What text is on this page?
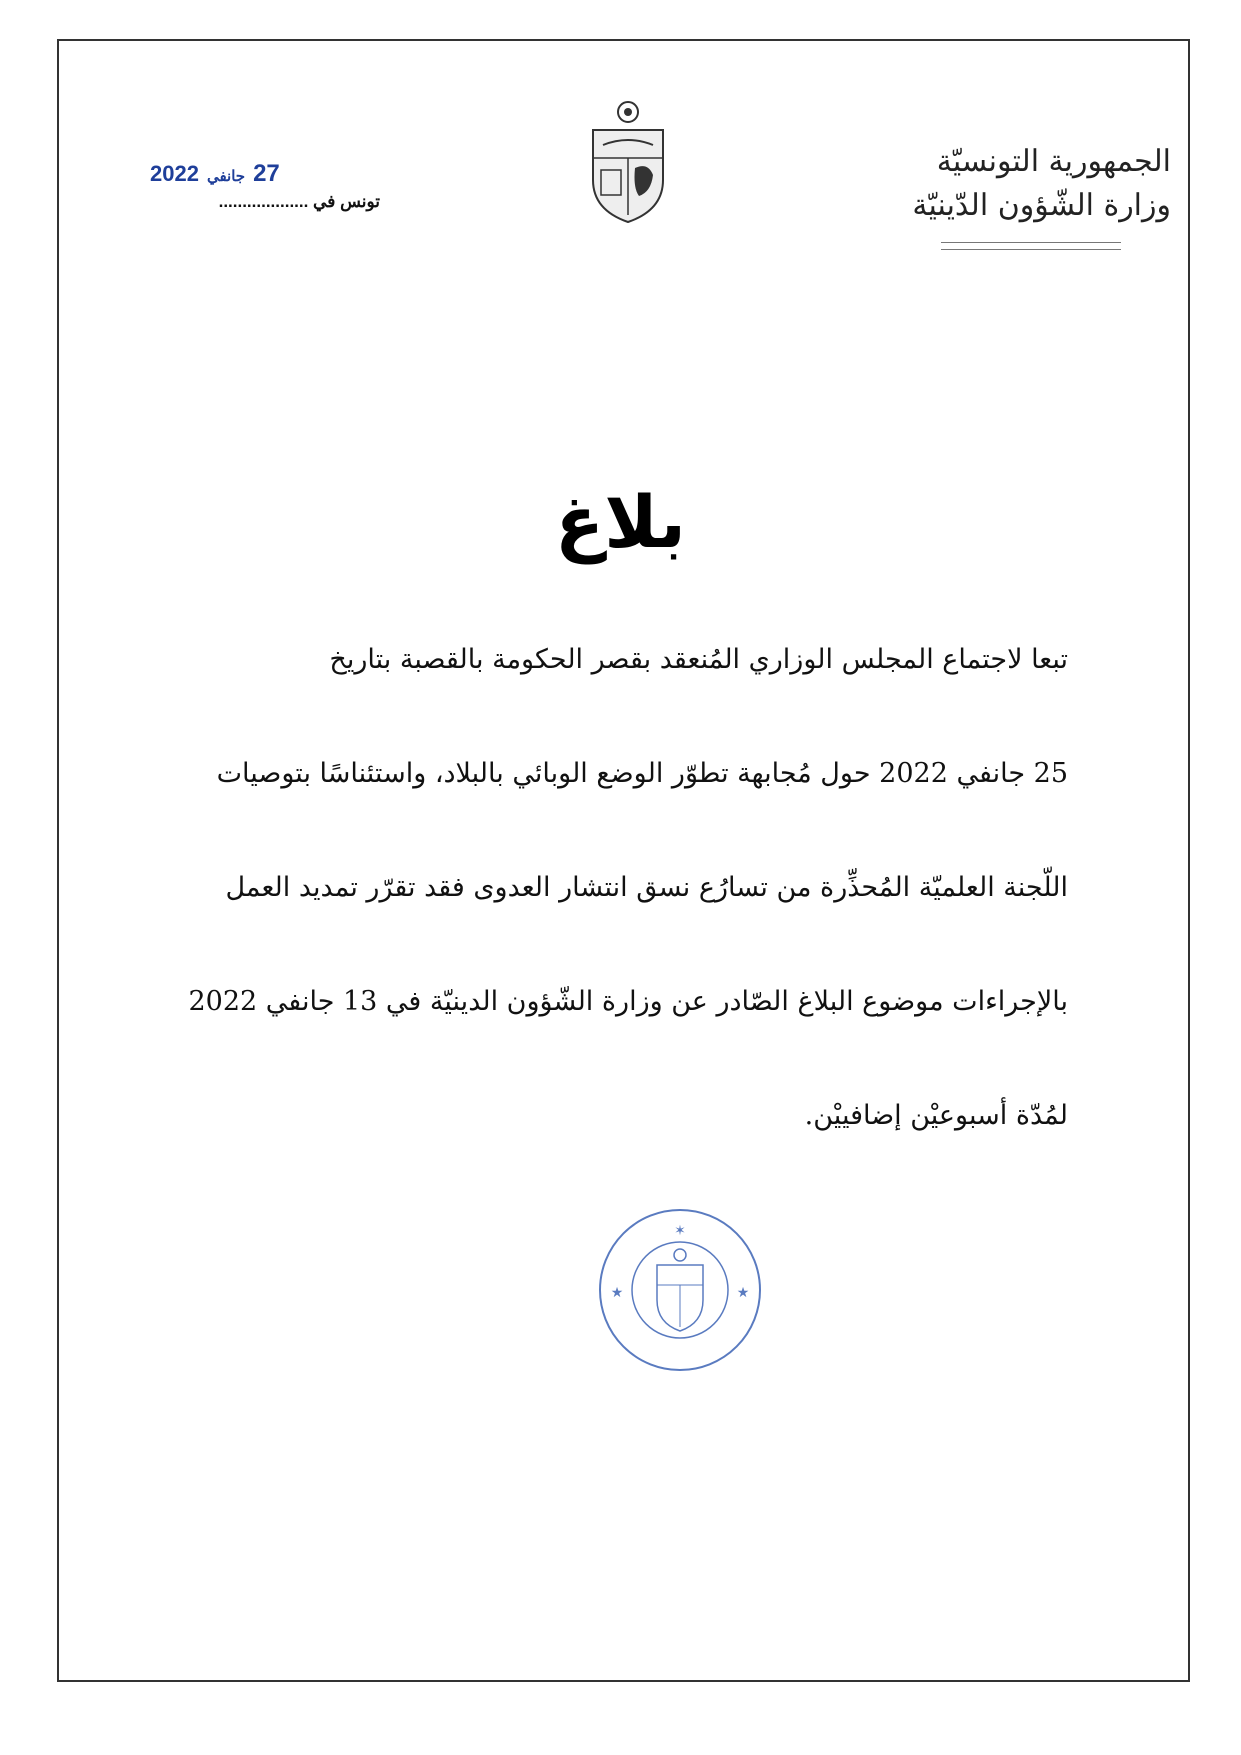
الجمهورية التونسيّة
وزارة الشّؤون الدّينيّة
2022 جانفي 27
تونس في ...................
بلاغ

تبعا لاجتماع المجلس الوزاري المُنعقد بقصر الحكومة بالقصبة بتاريخ

25 جانفي 2022 حول مُجابهة تطوّر الوضع الوبائي بالبلاد، واستئناسًا بتوصيات

اللّجنة العلميّة المُحذِّرة من تسارُع نسق انتشار العدوى فقد تقرّر تمديد العمل

بالإجراءات موضوع البلاغ الصّادر عن وزارة الشّؤون الدينيّة في 13 جانفي 2022

لمُدّة أسبوعيْن إضافييْن.

✶
★	★
